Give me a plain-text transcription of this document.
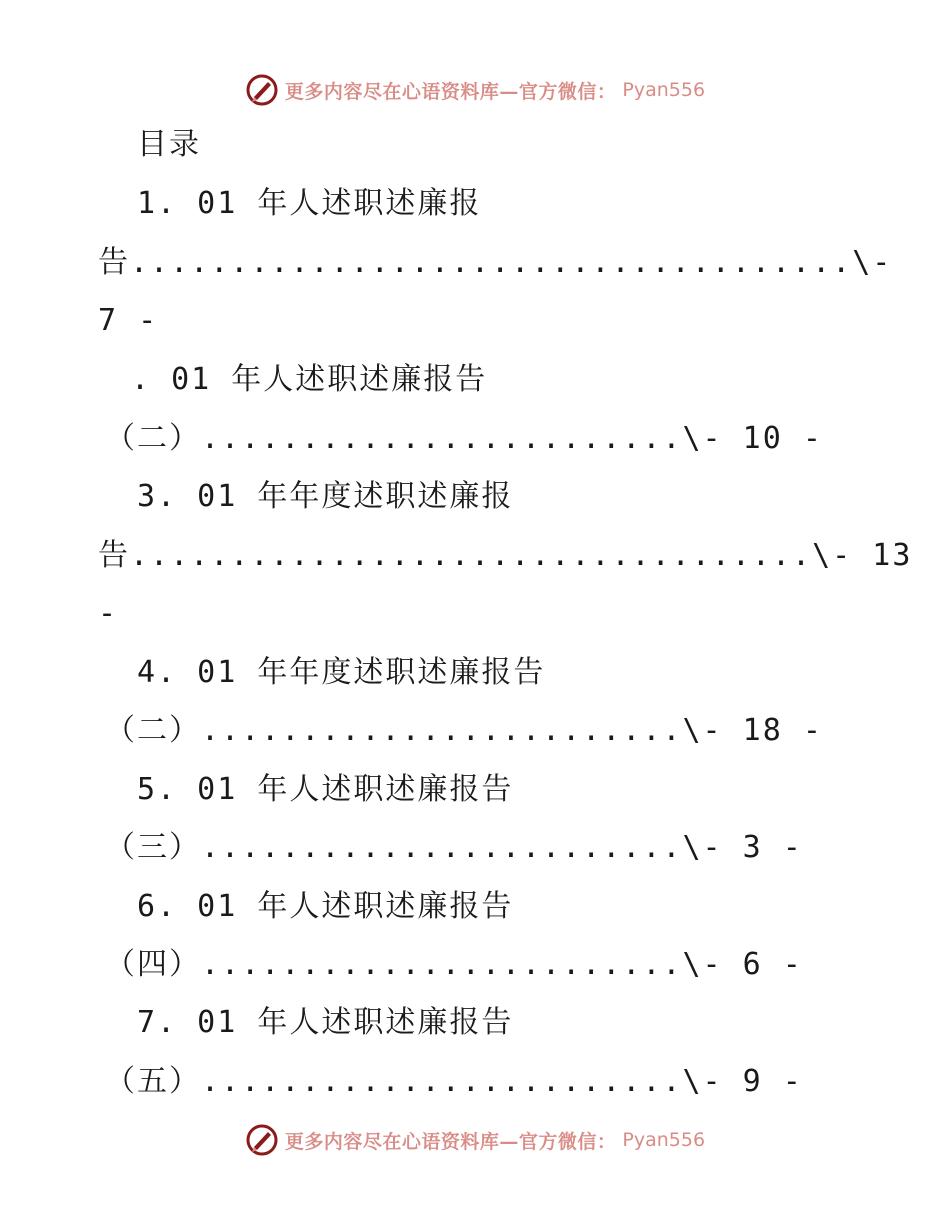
更多内容尽在心语资料库—官方微信： Pyan556
目录
1. 01 年人述职述廉报
告....................................\-
7 -
. 01 年人述职述廉报告
（二）........................\- 10 -
3. 01 年年度述职述廉报
告..................................\- 13
-
4. 01 年年度述职述廉报告
（二）........................\- 18 -
5. 01 年人述职述廉报告
（三）........................\- 3 -
6. 01 年人述职述廉报告
（四）........................\- 6 -
7. 01 年人述职述廉报告
（五）........................\- 9 -
更多内容尽在心语资料库—官方微信： Pyan556
